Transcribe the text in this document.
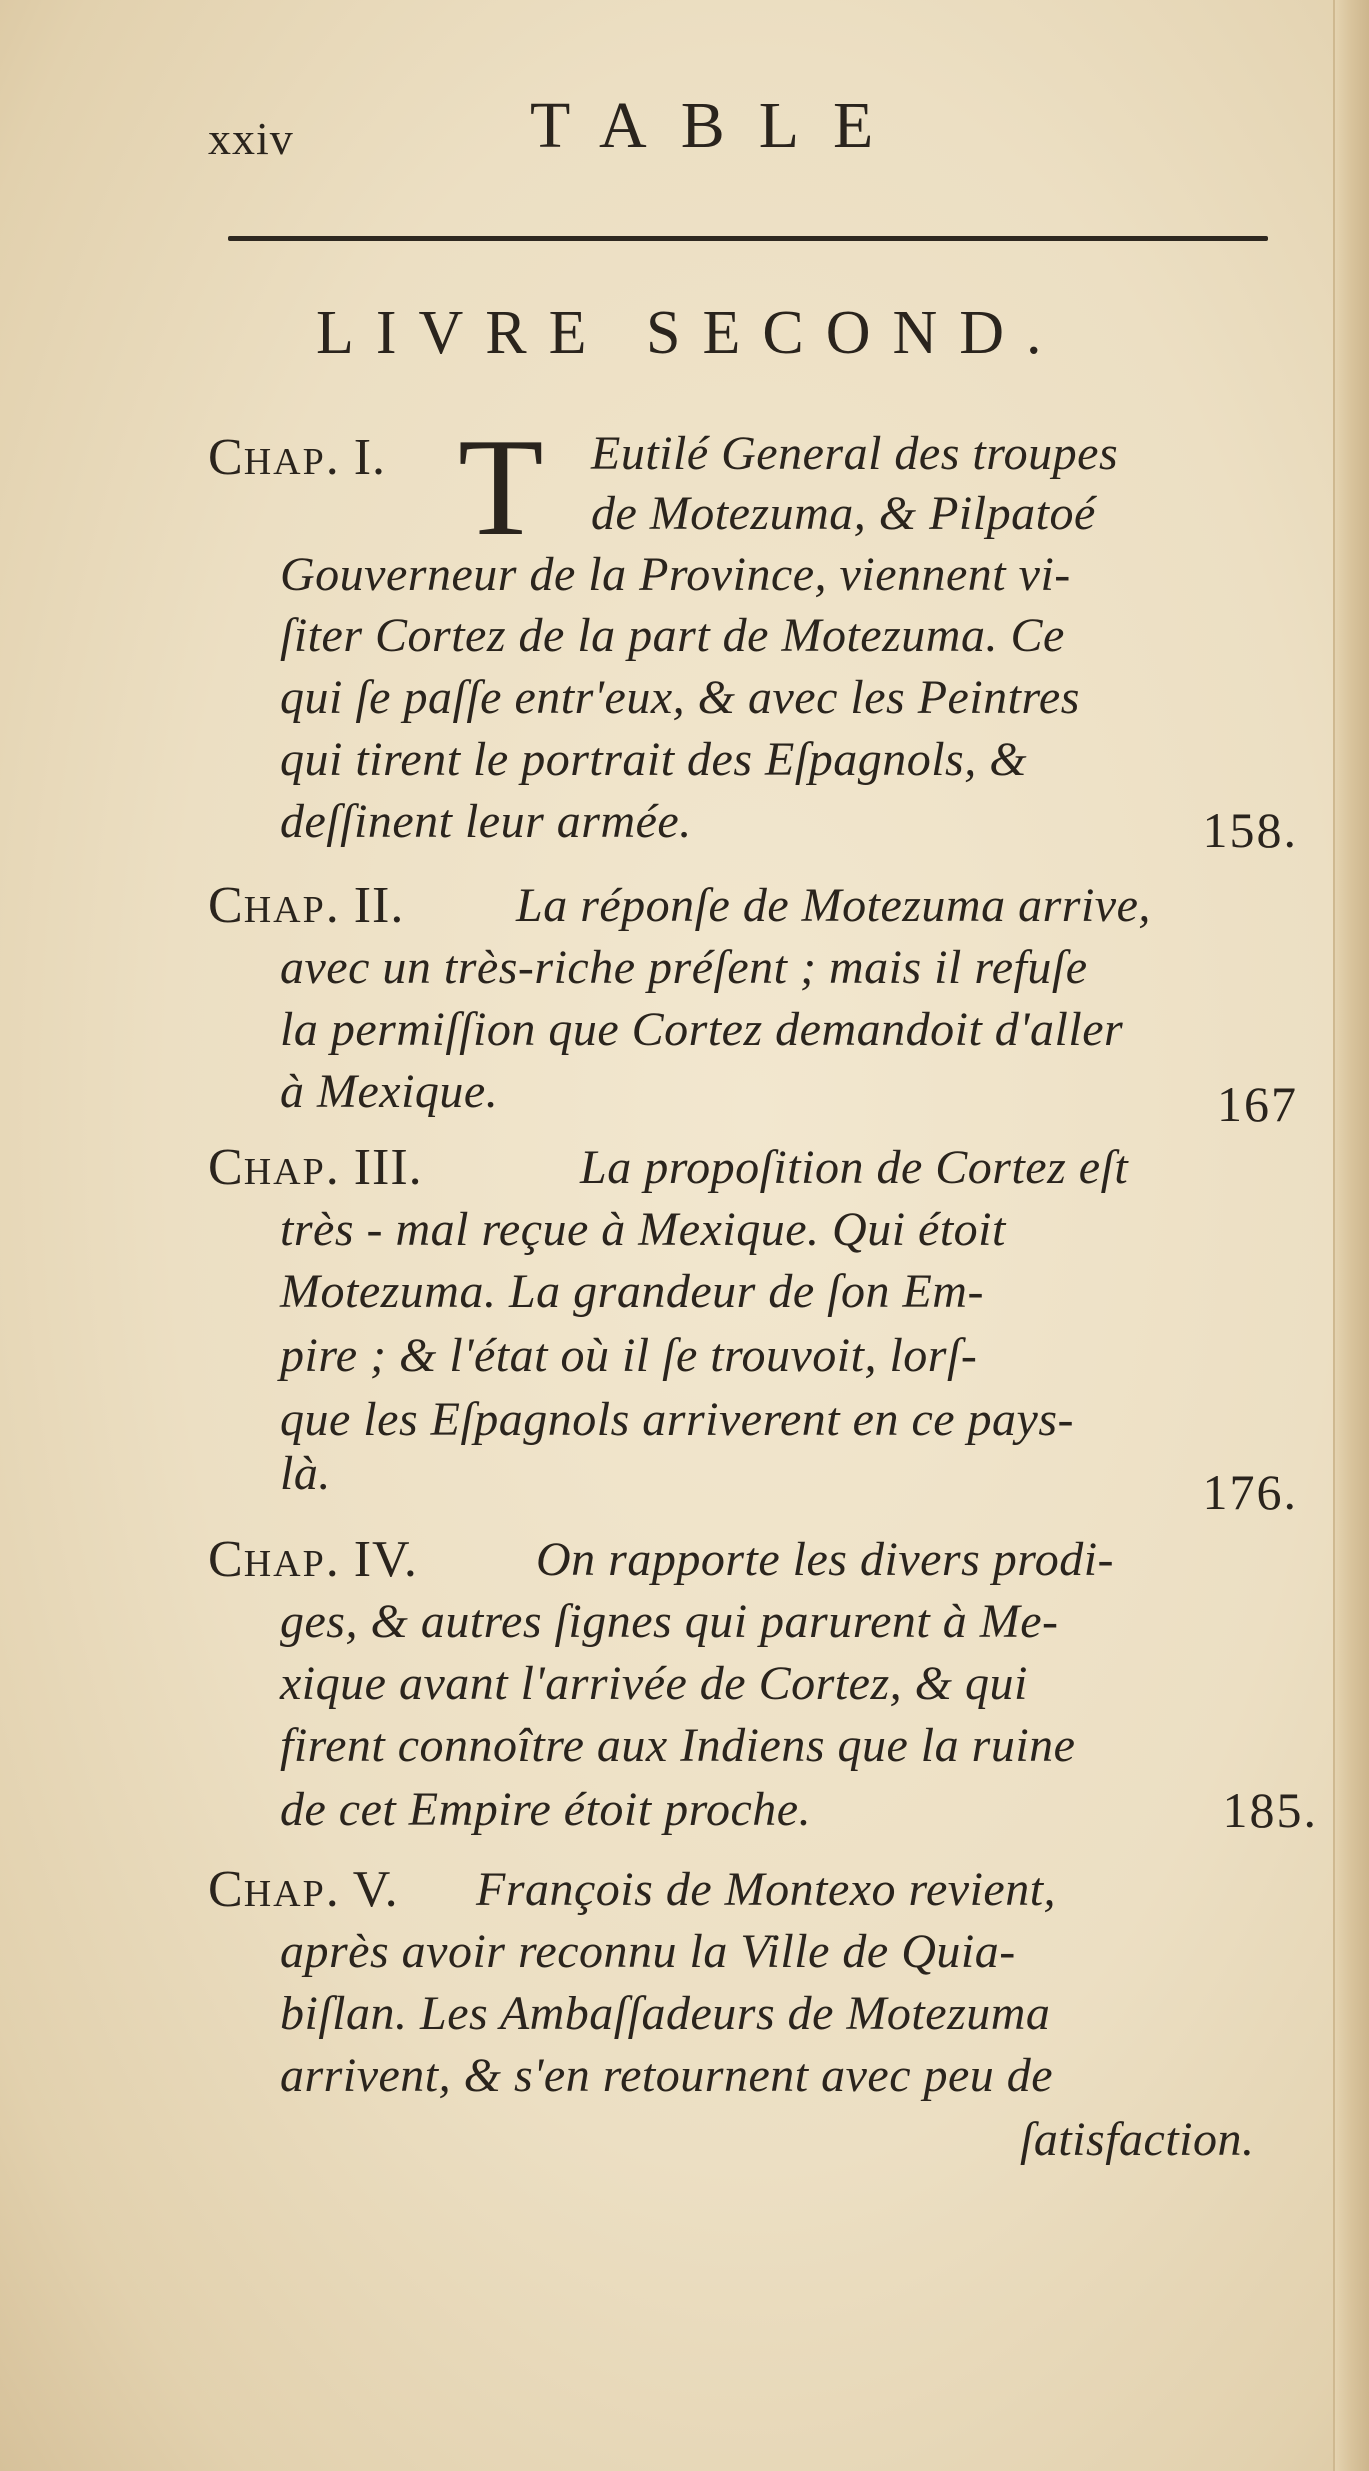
xxiv	TABLE
LIVRE SECOND.
CHAP. I. T Eutilé General des troupes
de Motezuma, & Pilpatoé
Gouverneur de la Province, viennent vi-
ſiter Cortez de la part de Motezuma. Ce
qui ſe paſſe entr'eux, & avec les Peintres
qui tirent le portrait des Eſpagnols, &
deſſinent leur armée.	158.
CHAP. II. La réponſe de Motezuma arrive,
avec un très-riche préſent ; mais il refuſe
la permiſſion que Cortez demandoit d'aller
à Mexique.	167
CHAP. III.	La propoſition de Cortez eſt
très - mal reçue à Mexique. Qui étoit
Motezuma. La grandeur de ſon Em-
pire ; & l'état où il ſe trouvoit, lorſ-
que les Eſpagnols arriverent en ce pays-
là.	176.
CHAP. IV. On rapporte les divers prodi-
ges, & autres ſignes qui parurent à Me-
xique avant l'arrivée de Cortez, & qui
firent connoître aux Indiens que la ruine
de cet Empire étoit proche.	185.
CHAP. V. François de Montexo revient,
après avoir reconnu la Ville de Quia-
biſlan. Les Ambaſſadeurs de Motezuma
arrivent, & s'en retournent avec peu de
ſatisfaction.
